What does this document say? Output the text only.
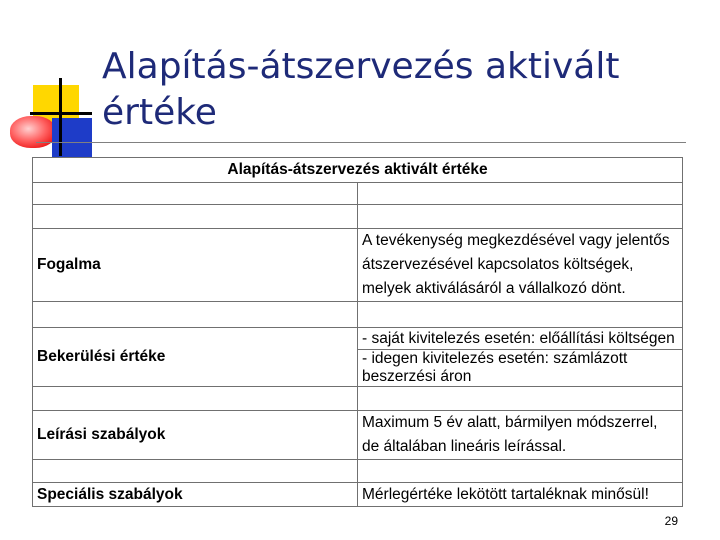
Alapítás-átszervezés aktivált
értéke
Alapítás-átszervezés aktivált értéke	

Fogalma	A tevékenység megkezdésével vagy jelentős átszervezésével kapcsolatos költségek, melyek aktiválásáról a vállalkozó dönt.

Bekerülési értéke	- saját kivitelezés esetén: előállítási költségen
	- idegen kivitelezés esetén: számlázott beszerzési áron

Leírási szabályok	Maximum 5 év alatt, bármilyen módszerrel, de általában lineáris leírással.

Speciális szabályok	Mérlegértéke lekötött tartaléknak minősül!
29
